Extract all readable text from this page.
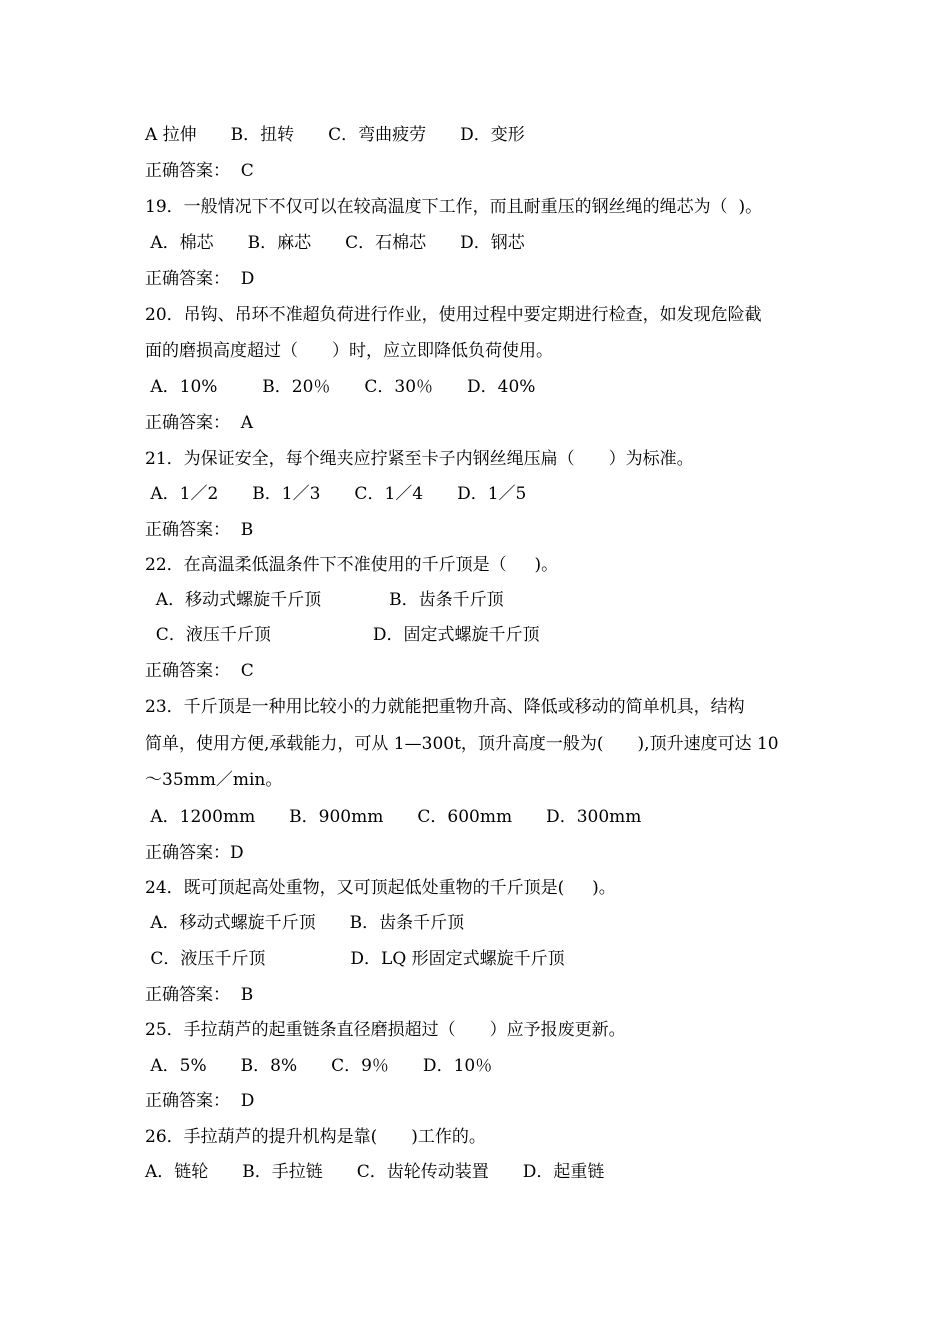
A 拉伸　　B．扭转　　C．弯曲疲劳　　D．变形
正确答案：  C
19．一般情况下不仅可以在较高温度下工作，而且耐重压的钢丝绳的绳芯为（  )。
A．棉芯　　B．麻芯　　C．石棉芯　　D．钢芯
正确答案：  D
20．吊钩、吊环不准超负荷进行作业，使用过程中要定期进行检查，如发现危险截
面的磨损高度超过（　　）时，应立即降低负荷使用。
A．10%　　  B．20％　　C．30％　　D．40%
正确答案：  A
21．为保证安全，每个绳夹应拧紧至卡子内钢丝绳压扁（　　）为标准。
A．1／2　　B．1／3　　C．1／4　　D．1／5
正确答案：  B
22．在高温柔低温条件下不准使用的千斤顶是（　  )。
A．移动式螺旋千斤顶　　　　B．齿条千斤顶
C．液压千斤顶　　　　　　D．固定式螺旋千斤顶
正确答案：  C
23．千斤顶是一种用比较小的力就能把重物升高、降低或移动的简单机具，结构
简单，使用方便,承载能力，可从 1—300t，顶升高度一般为(　　),顶升速度可达 10
～35mm／min。
A．1200mm　　B．900mm　　C．600mm　　D．300mm
正确答案：D
24．既可顶起高处重物，又可顶起低处重物的千斤顶是(　  )。
A．移动式螺旋千斤顶　　B．齿条千斤顶
C．液压千斤顶　　　　　D．LQ 形固定式螺旋千斤顶
正确答案：  B
25．手拉葫芦的起重链条直径磨损超过（　　）应予报废更新。
A．5%　　B．8%　　C．9％　　D．10％
正确答案：  D
26．手拉葫芦的提升机构是靠(　　)工作的。
A．链轮　　B．手拉链　　C．齿轮传动装置　　D．起重链
